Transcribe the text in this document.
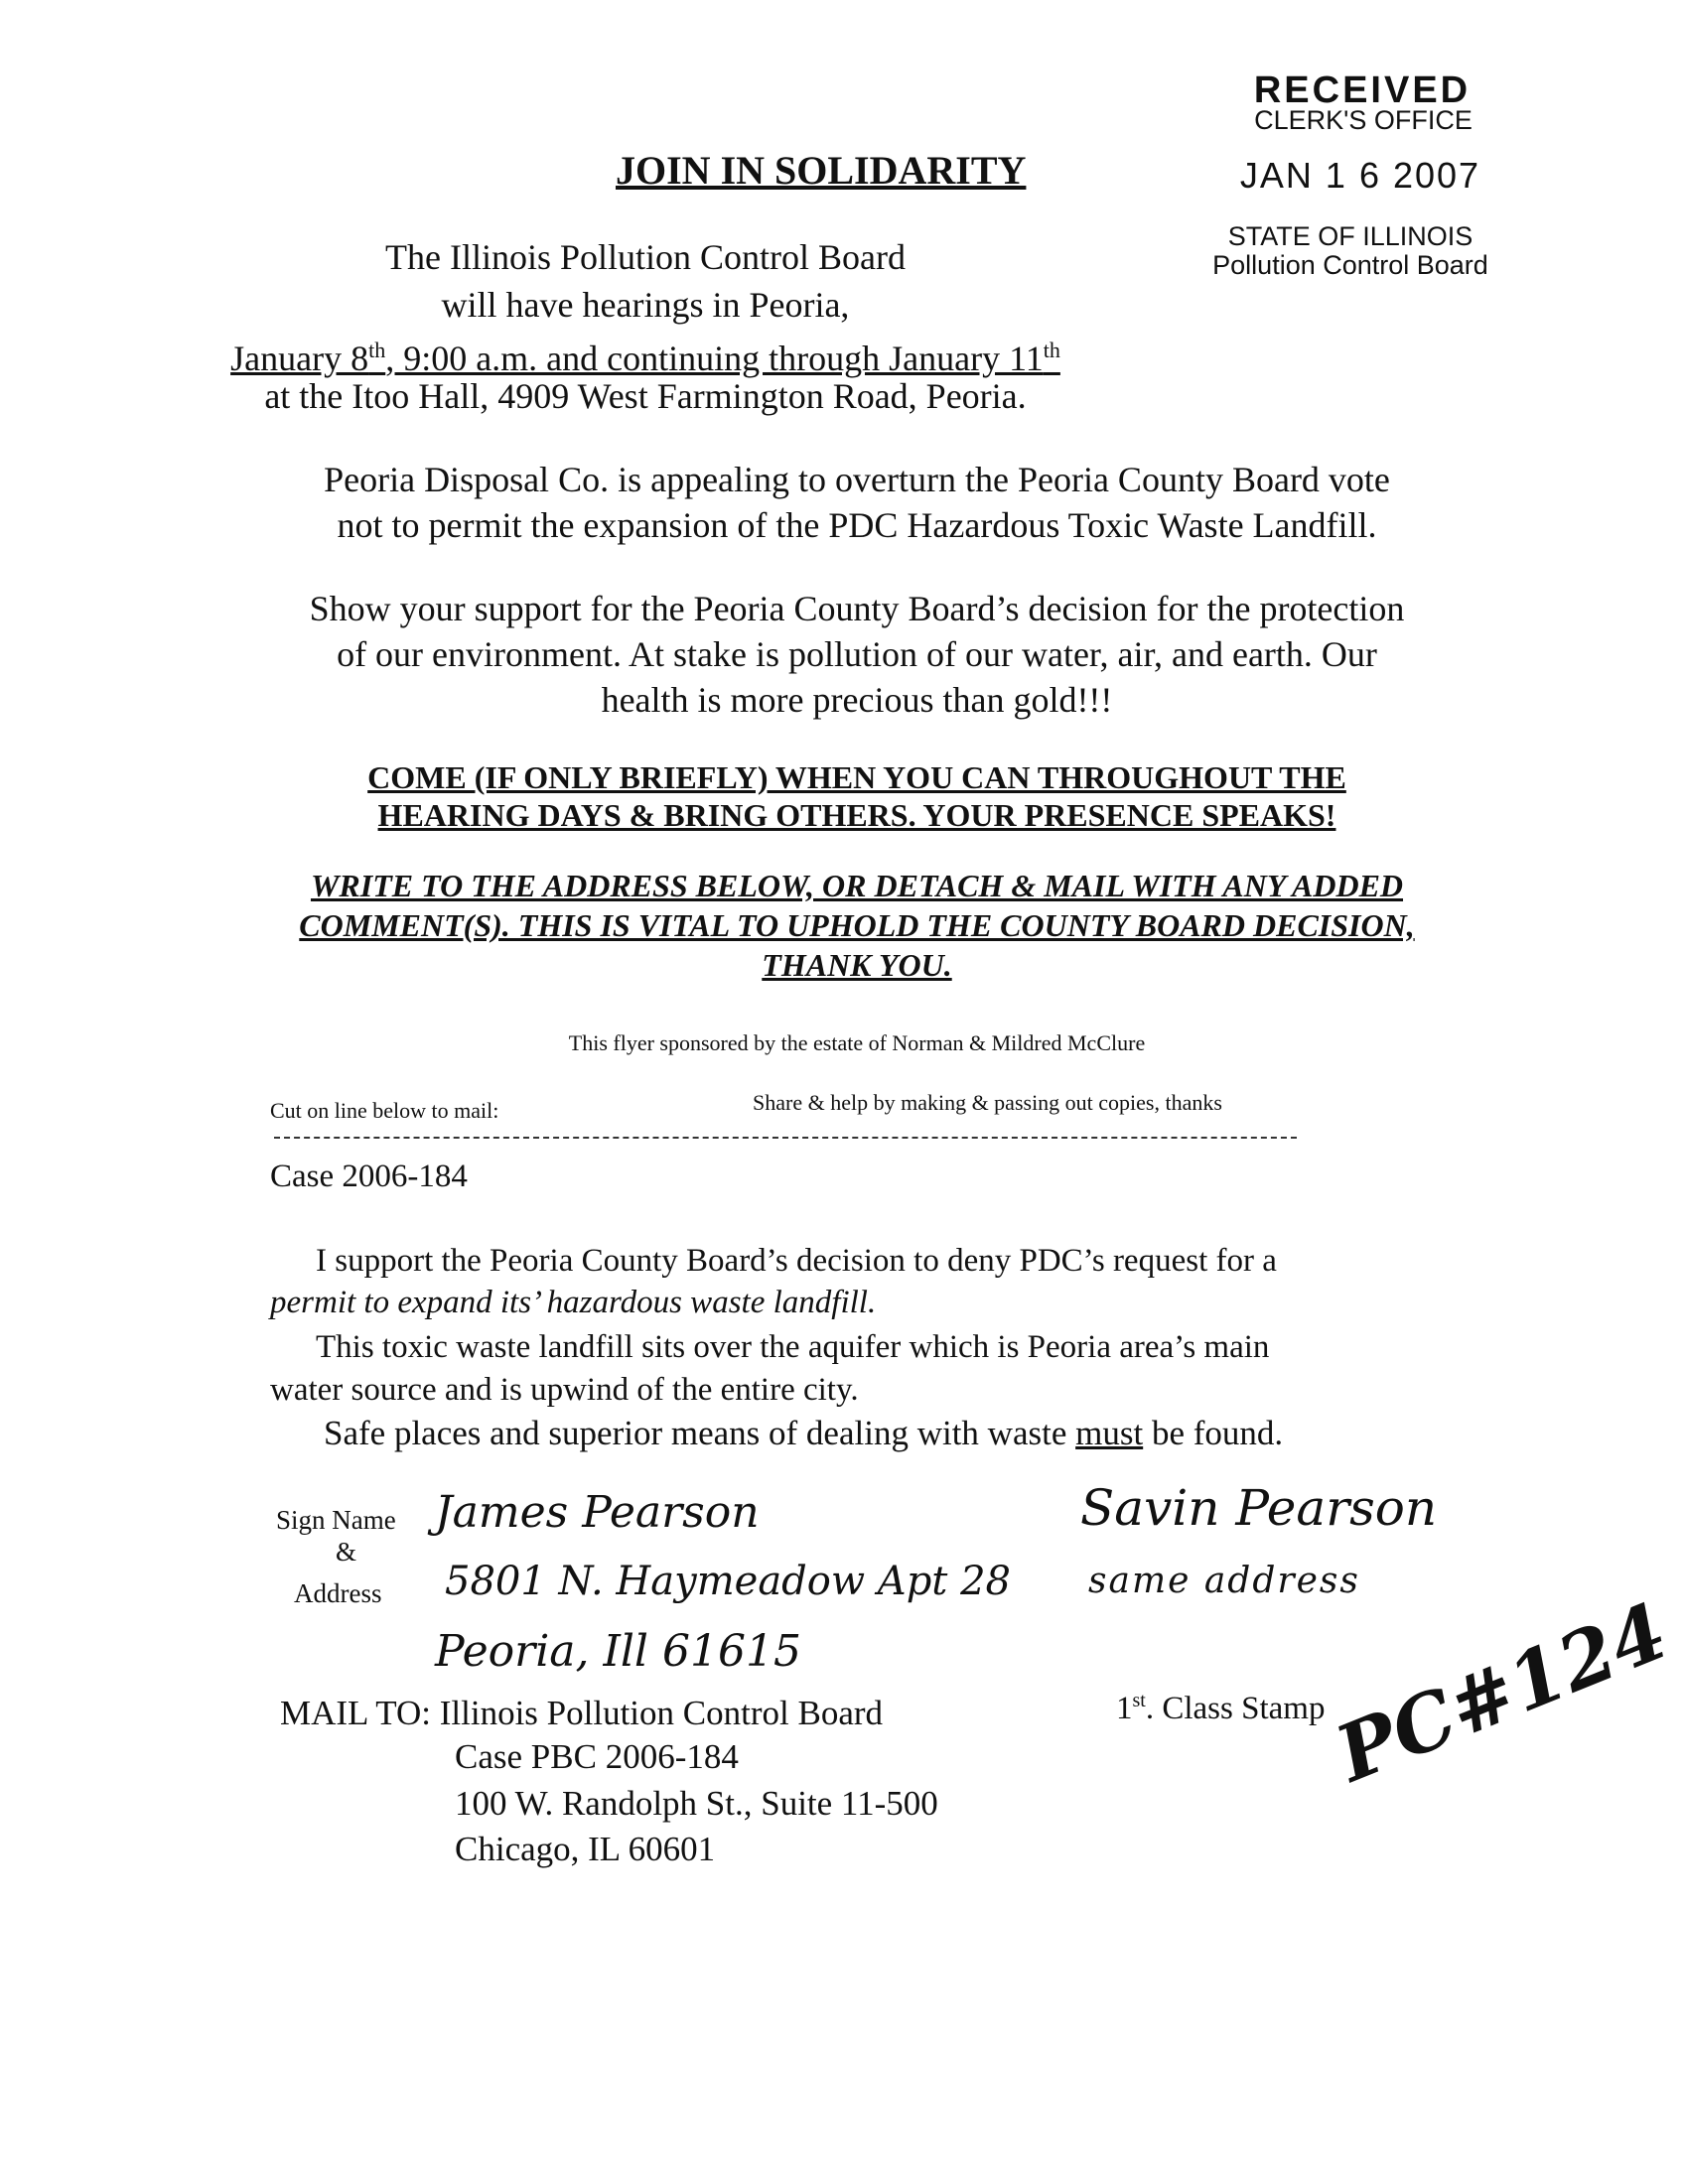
RECEIVED
CLERK'S OFFICE
JAN 1 6 2007
STATE OF ILLINOIS
Pollution Control Board
JOIN IN SOLIDARITY
The Illinois Pollution Control Board
will have hearings in Peoria,
January 8th, 9:00 a.m. and continuing through January 11th
at the Itoo Hall, 4909 West Farmington Road, Peoria.
Peoria Disposal Co. is appealing to overturn the Peoria County Board vote
not to permit the expansion of the PDC Hazardous Toxic Waste Landfill.
Show your support for the Peoria County Board’s decision for the protection
of our environment. At stake is pollution of our water, air, and earth. Our
health is more precious than gold!!!
COME (IF ONLY BRIEFLY) WHEN YOU CAN THROUGHOUT THE
HEARING DAYS & BRING OTHERS. YOUR PRESENCE SPEAKS!
WRITE TO THE ADDRESS BELOW, OR DETACH & MAIL WITH ANY ADDED
COMMENT(S). THIS IS VITAL TO UPHOLD THE COUNTY BOARD DECISION,
THANK YOU.
This flyer sponsored by the estate of Norman & Mildred McClure
Cut on line below to mail:	Share & help by making & passing out copies, thanks
Case 2006-184
I support the Peoria County Board’s decision to deny PDC’s request for a
permit to expand its’ hazardous waste landfill.
This toxic waste landfill sits over the aquifer which is Peoria area’s main
water source and is upwind of the entire city.
Safe places and superior means of dealing with waste must be found.
Sign Name
&
Address
James Pearson
5801 N. Haymeadow Apt 28
Peoria, Ill 61615
Savin Pearson
same address
MAIL TO: Illinois Pollution Control Board
Case PBC 2006-184
100 W. Randolph St., Suite 11-500
Chicago, IL 60601
1st. Class Stamp PC#124
